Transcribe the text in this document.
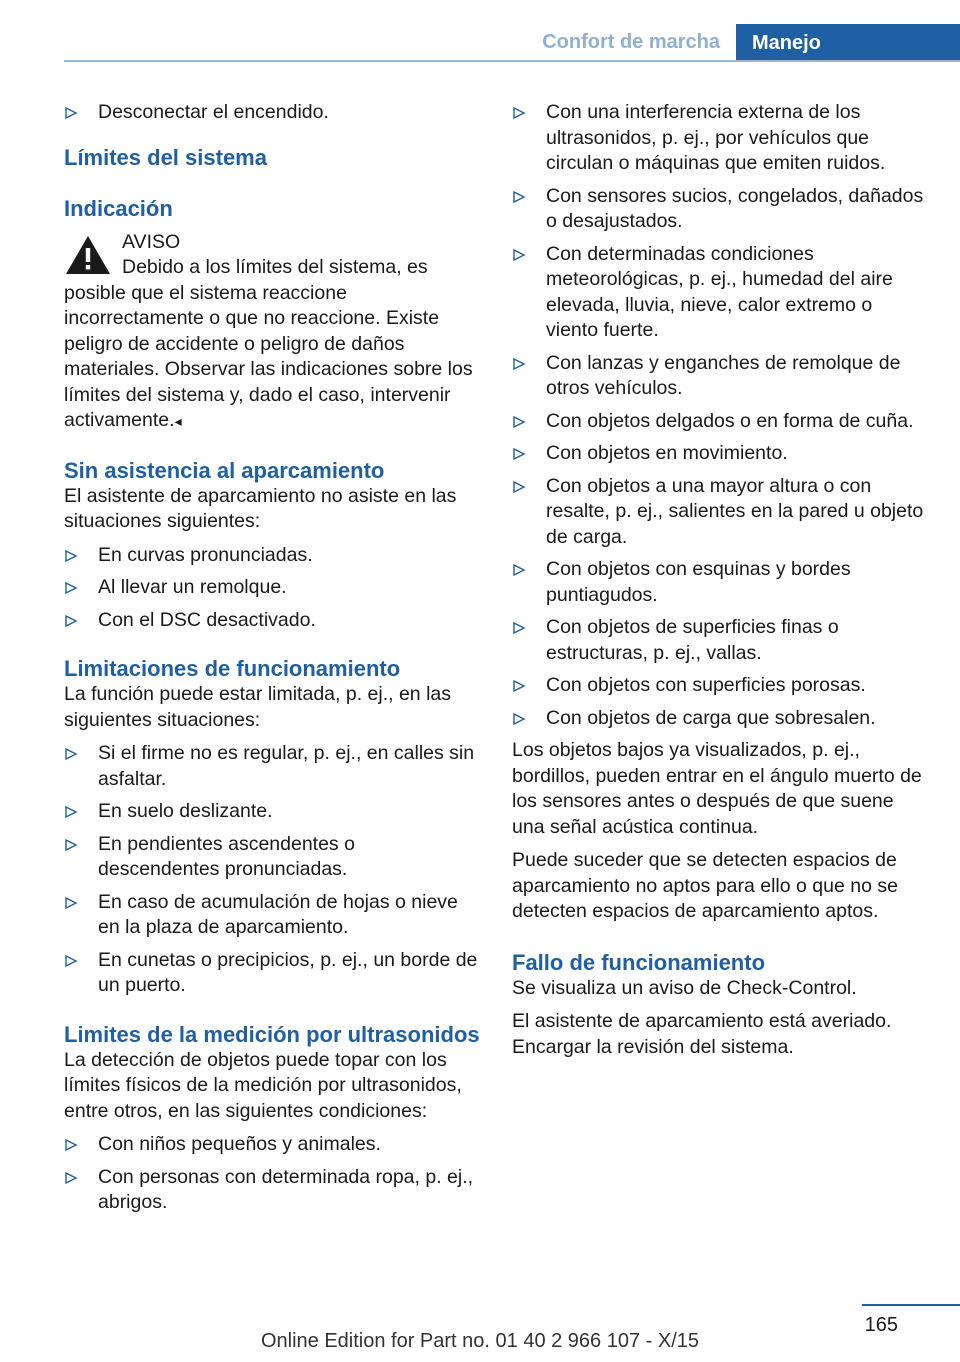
Confort de marcha	Manejo
Desconectar el encendido.
Límites del sistema
Indicación
AVISO
Debido a los límites del sistema, es posible que el sistema reaccione incorrectamente o que no reaccione. Existe peligro de accidente o peligro de daños materiales. Observar las indicaciones sobre los límites del sistema y, dado el caso, intervenir activamente.◂
Sin asistencia al aparcamiento

El asistente de aparcamiento no asiste en las situaciones siguientes:

En curvas pronunciadas.
Al llevar un remolque.
Con el DSC desactivado.
Limitaciones de funcionamiento

La función puede estar limitada, p. ej., en las siguientes situaciones:

Si el firme no es regular, p. ej., en calles sin asfaltar.
En suelo deslizante.
En pendientes ascendentes o descendentes pronunciadas.
En caso de acumulación de hojas o nieve en la plaza de aparcamiento.
En cunetas o precipicios, p. ej., un borde de un puerto.
Limites de la medición por ultrasonidos

La detección de objetos puede topar con los límites físicos de la medición por ultrasonidos, entre otros, en las siguientes condiciones:

Con niños pequeños y animales.
Con personas con determinada ropa, p. ej., abrigos.
Con una interferencia externa de los ultrasonidos, p. ej., por vehículos que circulan o máquinas que emiten ruidos.
Con sensores sucios, congelados, dañados o desajustados.
Con determinadas condiciones meteorológicas, p. ej., humedad del aire elevada, lluvia, nieve, calor extremo o viento fuerte.
Con lanzas y enganches de remolque de otros vehículos.
Con objetos delgados o en forma de cuña.
Con objetos en movimiento.
Con objetos a una mayor altura o con resalte, p. ej., salientes en la pared u objeto de carga.
Con objetos con esquinas y bordes puntiagudos.
Con objetos de superficies finas o estructuras, p. ej., vallas.
Con objetos con superficies porosas.
Con objetos de carga que sobresalen.

Los objetos bajos ya visualizados, p. ej., bordillos, pueden entrar en el ángulo muerto de los sensores antes o después de que suene una señal acústica continua.

Puede suceder que se detecten espacios de aparcamiento no aptos para ello o que no se detecten espacios de aparcamiento aptos.

Fallo de funcionamiento

Se visualiza un aviso de Check-Control.

El asistente de aparcamiento está averiado. Encargar la revisión del sistema.

165
Online Edition for Part no. 01 40 2 966 107 - X/15
